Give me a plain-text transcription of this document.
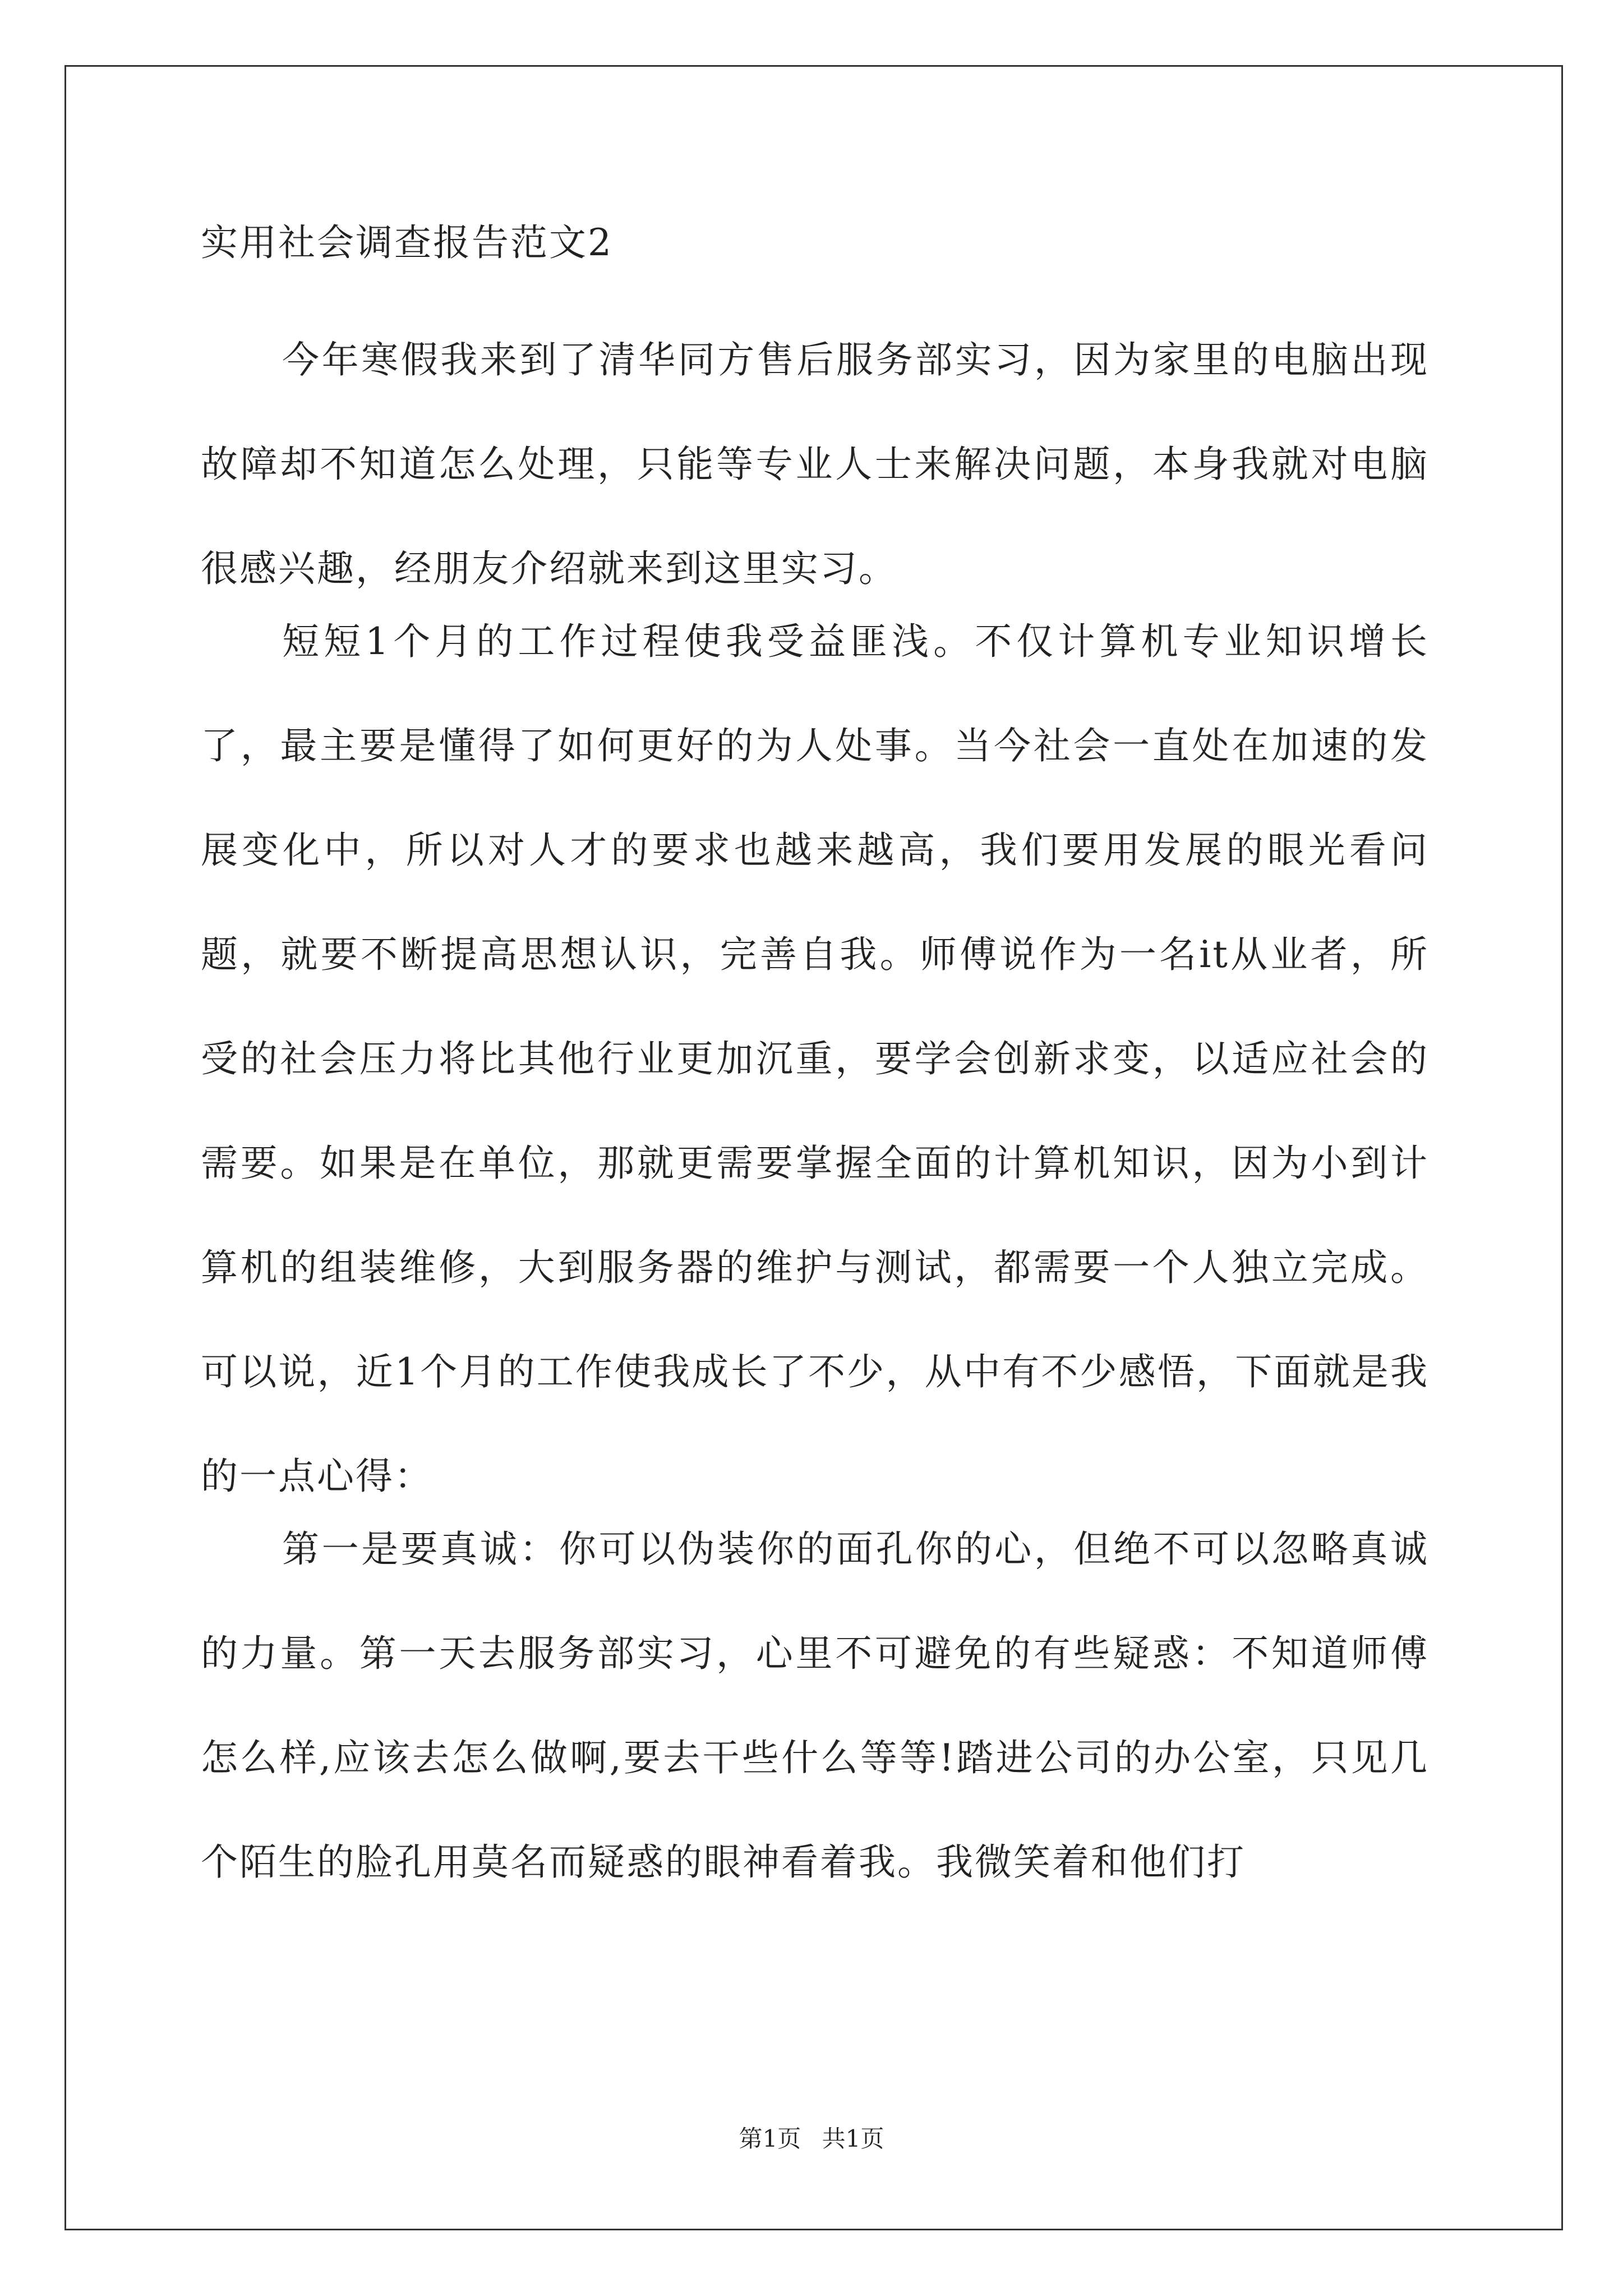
实用社会调查报告范文2

今年寒假我来到了清华同方售后服务部实习，因为家里的电脑出现故障却不知道怎么处理，只能等专业人士来解决问题，本身我就对电脑很感兴趣，经朋友介绍就来到这里实习。

短短1个月的工作过程使我受益匪浅。不仅计算机专业知识增长了，最主要是懂得了如何更好的为人处事。当今社会一直处在加速的发展变化中，所以对人才的要求也越来越高，我们要用发展的眼光看问题，就要不断提高思想认识，完善自我。师傅说作为一名it从业者，所受的社会压力将比其他行业更加沉重，要学会创新求变，以适应社会的需要。如果是在单位，那就更需要掌握全面的计算机知识，因为小到计算机的组装维修，大到服务器的维护与测试，都需要一个人独立完成。可以说，近1个月的工作使我成长了不少，从中有不少感悟，下面就是我的一点心得：

第一是要真诚：你可以伪装你的面孔你的心，但绝不可以忽略真诚的力量。第一天去服务部实习，心里不可避免的有些疑惑：不知道师傅怎么样,应该去怎么做啊,要去干些什么等等!踏进公司的办公室，只见几个陌生的脸孔用莫名而疑惑的眼神看着我。我微笑着和他们打

第1页 共1页
